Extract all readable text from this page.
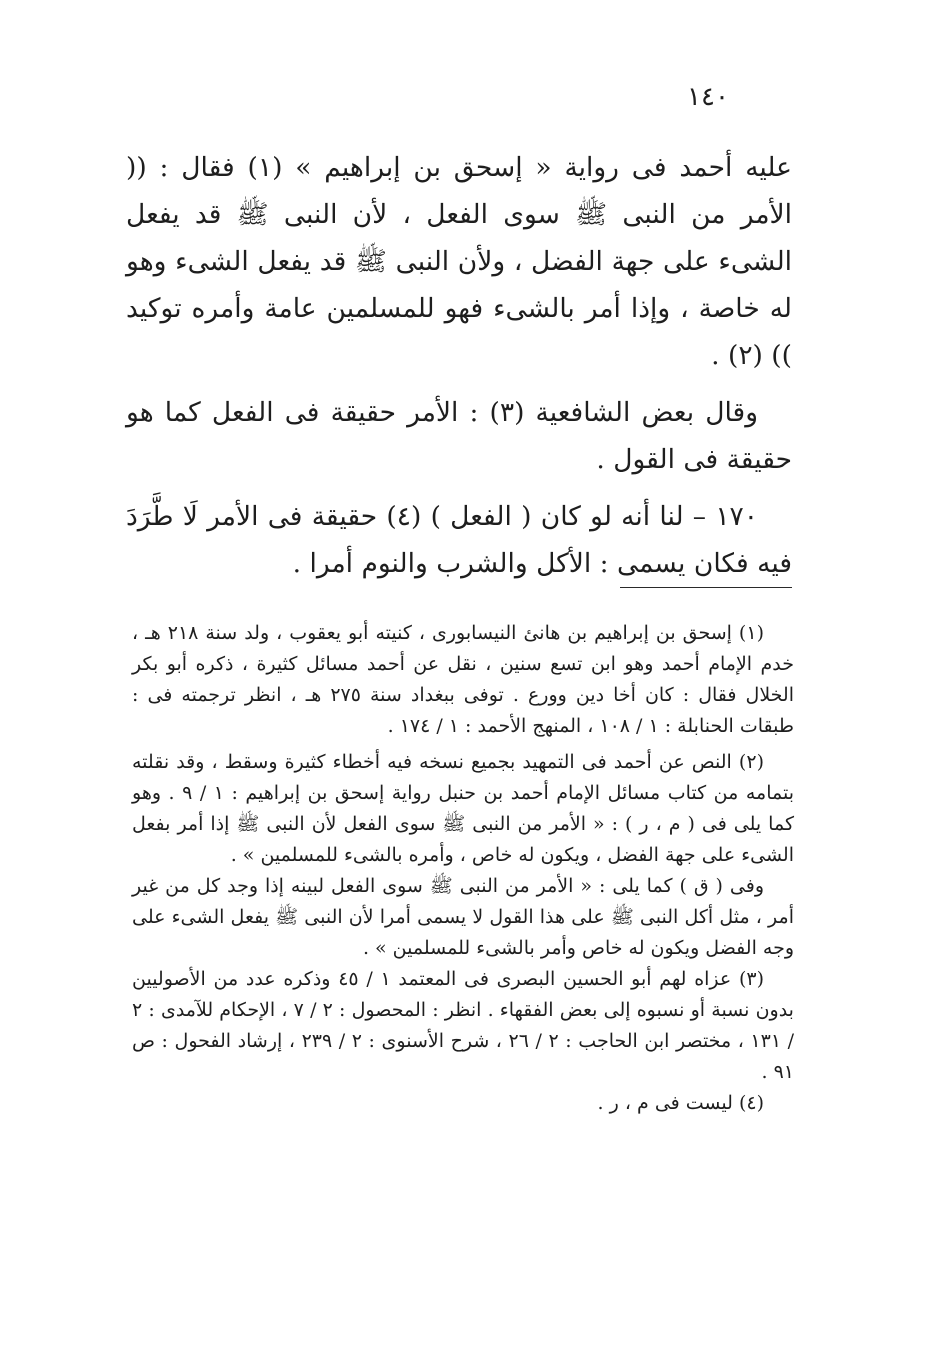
١٤٠

عليه أحمد فى رواية « إسحق بن إبراهيم » (١) فقال : (( الأمر من النبى ﷺ سوى الفعل ، لأن النبى ﷺ قد يفعل الشىء على جهة الفضل ، ولأن النبى ﷺ قد يفعل الشىء وهو له خاصة ، وإذا أمر بالشىء فهو للمسلمين عامة وأمره توكيد )) (٢) .

وقال بعض الشافعية (٣) : الأمر حقيقة فى الفعل كما هو حقيقة فى القول .

١٧٠ – لنا أنه لو كان ( الفعل ) (٤) حقيقة فى الأمر لَا طَّرَدَ فيه فكان يسمى : الأكل والشرب والنوم أمرا .

(١) إسحق بن إبراهيم بن هانئ النيسابورى ، كنيته أبو يعقوب ، ولد سنة ٢١٨ هـ ، خدم الإمام أحمد وهو ابن تسع سنين ، نقل عن أحمد مسائل كثيرة ، ذكره أبو بكر الخلال فقال : كان أخا دين وورع . توفى ببغداد سنة ٢٧٥ هـ ، انظر ترجمته فى : طبقات الحنابلة : ١ / ١٠٨ ، المنهج الأحمد : ١ / ١٧٤ .

(٢) النص عن أحمد فى التمهيد بجميع نسخه فيه أخطاء كثيرة وسقط ، وقد نقلته بتمامه من كتاب مسائل الإمام أحمد بن حنبل رواية إسحق بن إبراهيم : ١ / ٩ . وهو كما يلى فى ( م ، ر ) : « الأمر من النبى ﷺ سوى الفعل لأن النبى ﷺ إذا أمر بفعل الشىء على جهة الفضل ، ويكون له خاص ، وأمره بالشىء للمسلمين » .

وفى ( ق ) كما يلى : « الأمر من النبى ﷺ سوى الفعل لبينه إذا وجد كل من غير أمر ، مثل أكل النبى ﷺ على هذا القول لا يسمى أمرا لأن النبى ﷺ يفعل الشىء على وجه الفضل ويكون له خاص وأمر بالشىء للمسلمين » .

(٣) عزاه لهم أبو الحسين البصرى فى المعتمد ١ / ٤٥ وذكره عدد من الأصوليين بدون نسبة أو نسبوه إلى بعض الفقهاء . انظر : المحصول : ٢ / ٧ ، الإحكام للآمدى : ٢ / ١٣١ ، مختصر ابن الحاجب : ٢ / ٢٦ ، شرح الأسنوى : ٢ / ٢٣٩ ، إرشاد الفحول : ص ٩١ .

(٤) ليست فى م ، ر .
